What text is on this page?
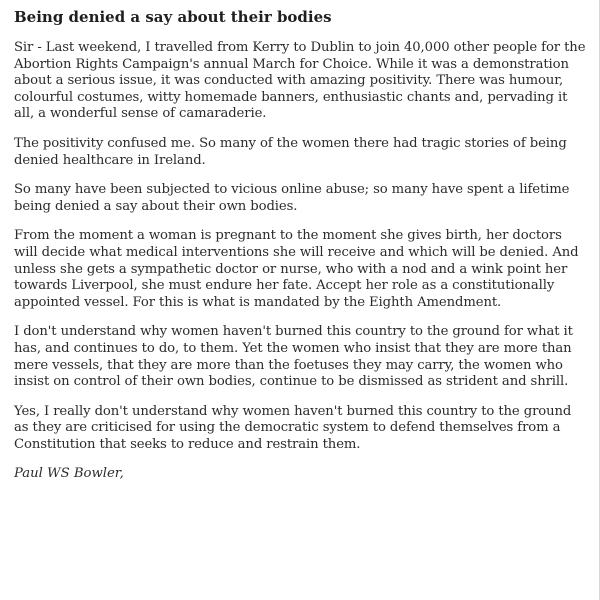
Being denied a say about their bodies

Sir - Last weekend, I travelled from Kerry to Dublin to join 40,000 other people for the Abortion Rights Campaign's annual March for Choice. While it was a demonstration about a serious issue, it was conducted with amazing positivity. There was humour, colourful costumes, witty homemade banners, enthusiastic chants and, pervading it all, a wonderful sense of camaraderie.

The positivity confused me. So many of the women there had tragic stories of being denied healthcare in Ireland.

So many have been subjected to vicious online abuse; so many have spent a lifetime being denied a say about their own bodies.

From the moment a woman is pregnant to the moment she gives birth, her doctors will decide what medical interventions she will receive and which will be denied. And unless she gets a sympathetic doctor or nurse, who with a nod and a wink point her towards Liverpool, she must endure her fate. Accept her role as a constitutionally appointed vessel. For this is what is mandated by the Eighth Amendment.

I don't understand why women haven't burned this country to the ground for what it has, and continues to do, to them. Yet the women who insist that they are more than mere vessels, that they are more than the foetuses they may carry, the women who insist on control of their own bodies, continue to be dismissed as strident and shrill.

Yes, I really don't understand why women haven't burned this country to the ground as they are criticised for using the democratic system to defend themselves from a Constitution that seeks to reduce and restrain them.

Paul WS Bowler,
